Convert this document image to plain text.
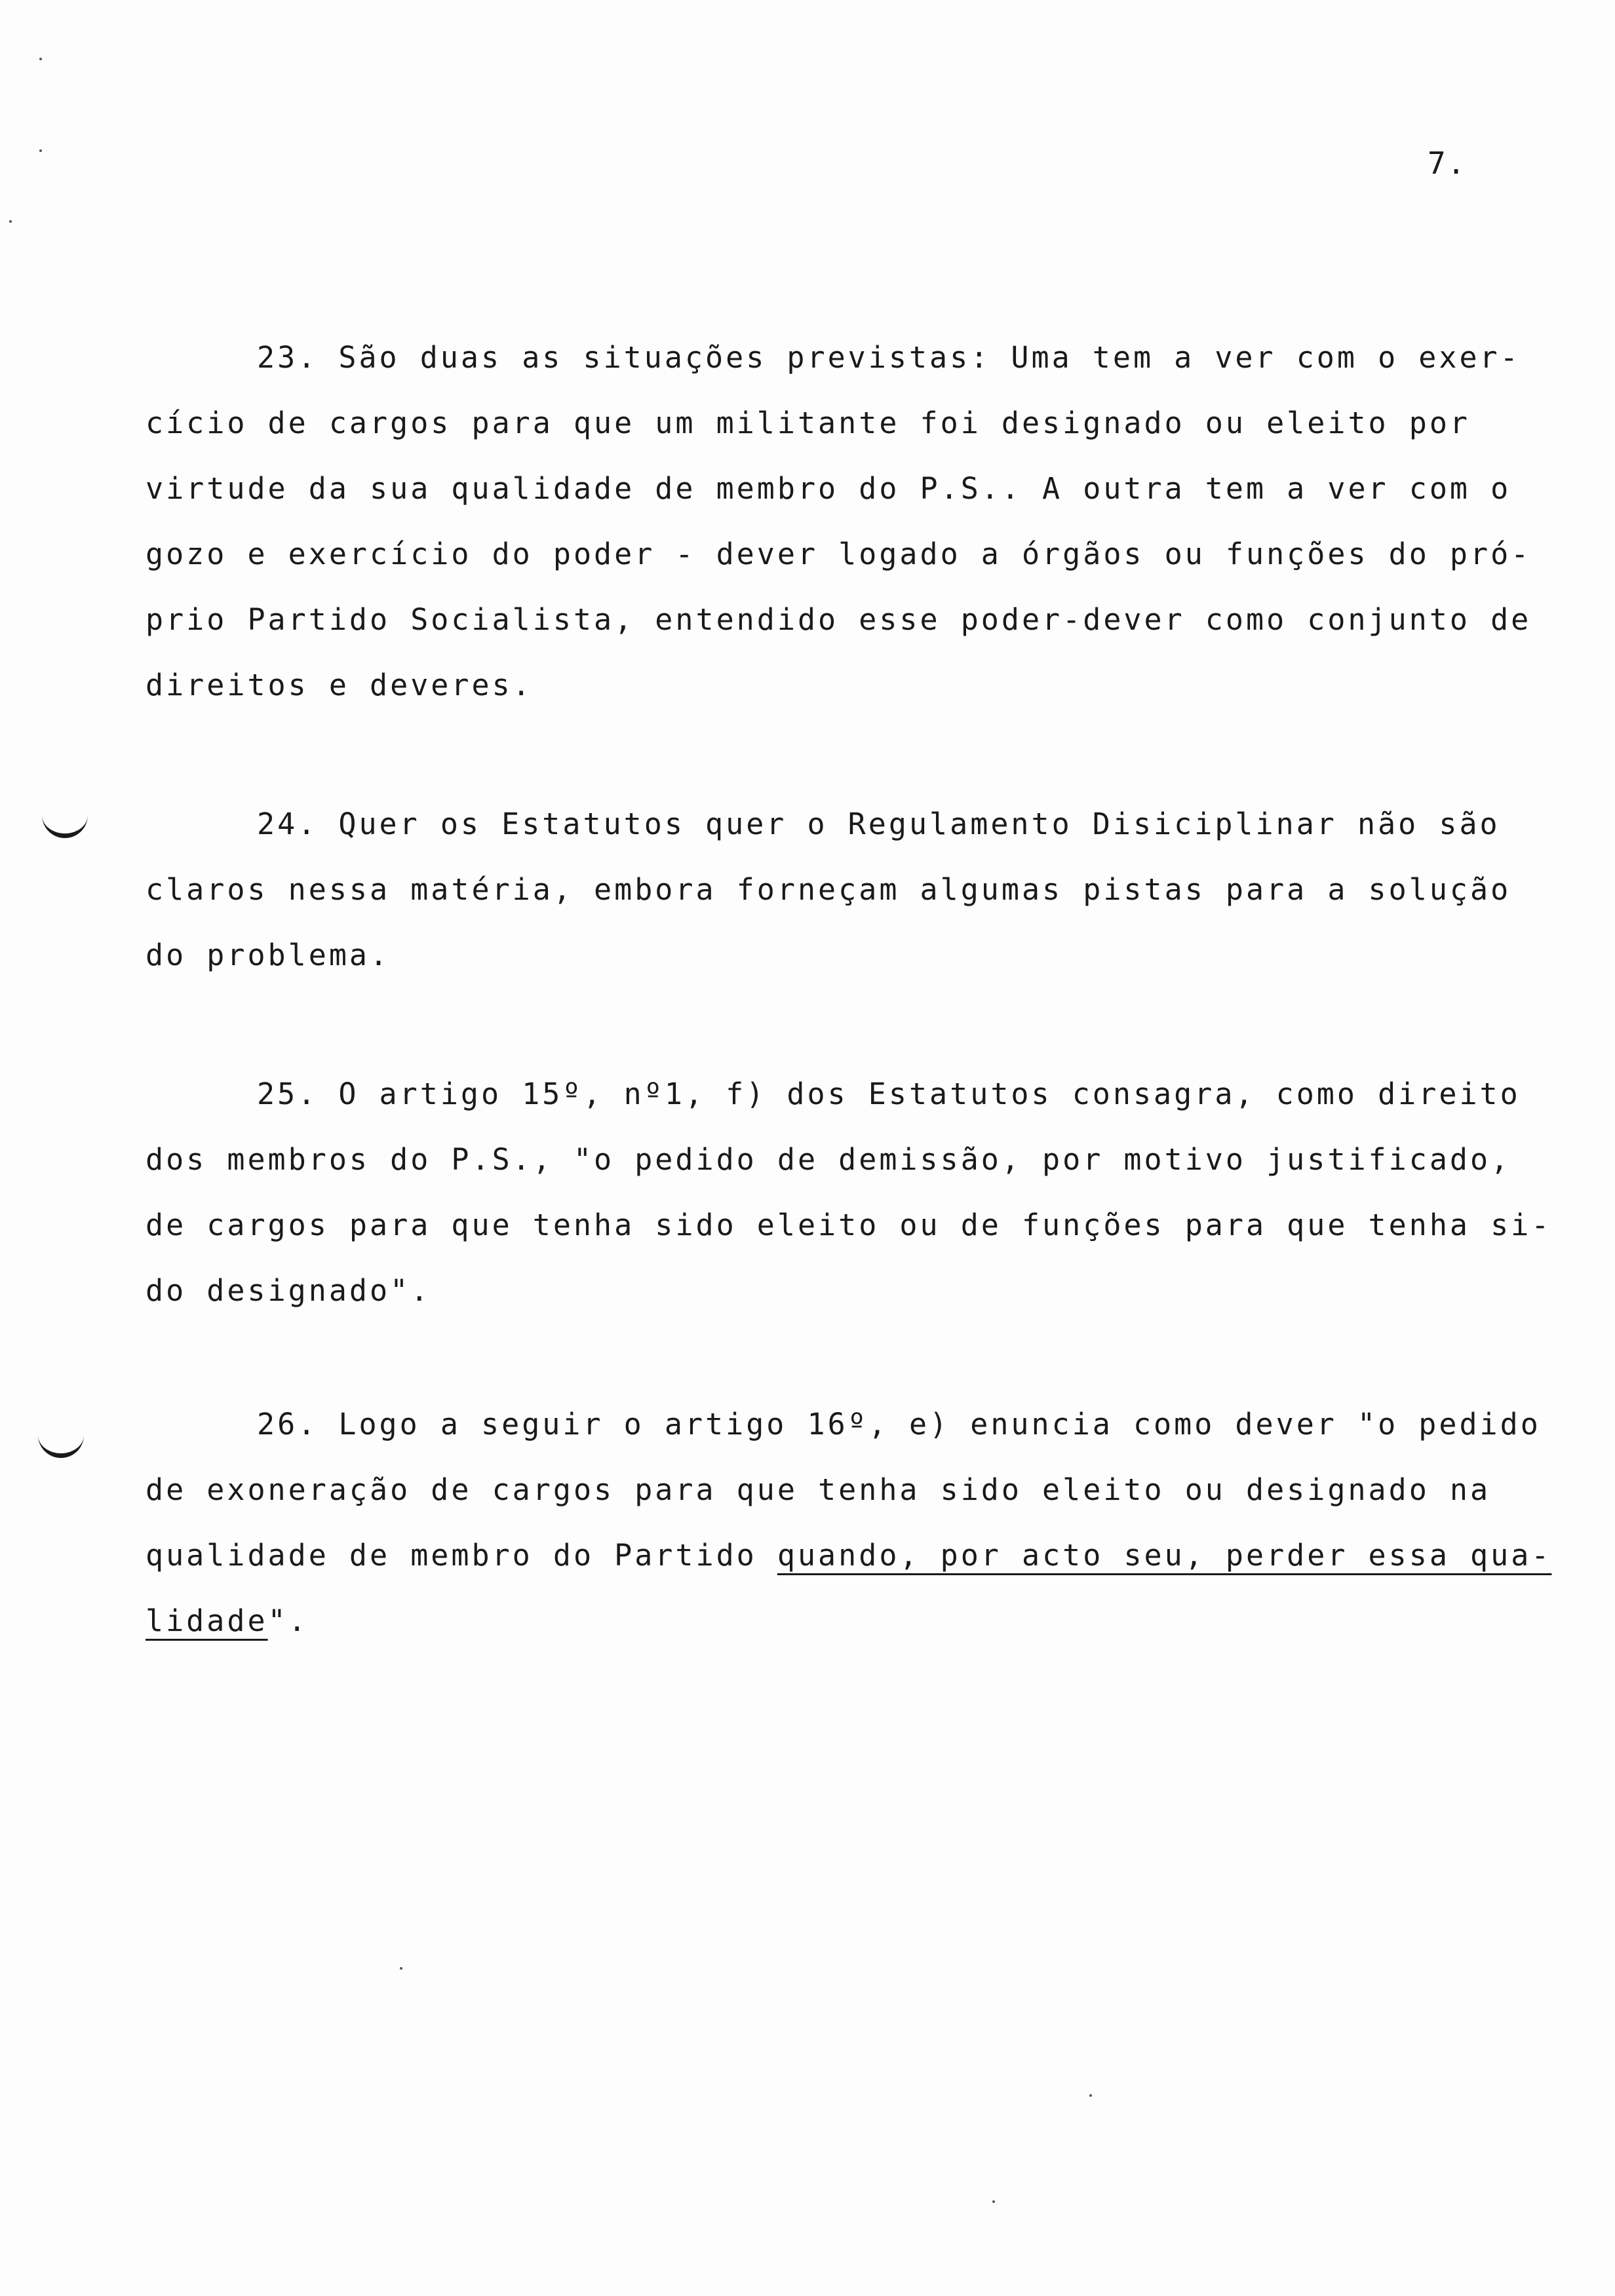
7.
23. São duas as situações previstas: Uma tem a ver com o exer-
cício de cargos para que um militante foi designado ou eleito por
virtude da sua qualidade de membro do P.S.. A outra tem a ver com o
gozo e exercício do poder - dever logado a órgãos ou funções do pró-
prio Partido Socialista, entendido esse poder-dever como conjunto de
direitos e deveres.
24. Quer os Estatutos quer o Regulamento Disiciplinar não são
claros nessa matéria, embora forneçam algumas pistas para a solução
do problema.
25. O artigo 15º, nº1, f) dos Estatutos consagra, como direito
dos membros do P.S., "o pedido de demissão, por motivo justificado,
de cargos para que tenha sido eleito ou de funções para que tenha si-
do designado".
26. Logo a seguir o artigo 16º, e) enuncia como dever "o pedido
de exoneração de cargos para que tenha sido eleito ou designado na
qualidade de membro do Partido quando, por acto seu, perder essa qua-
lidade".
